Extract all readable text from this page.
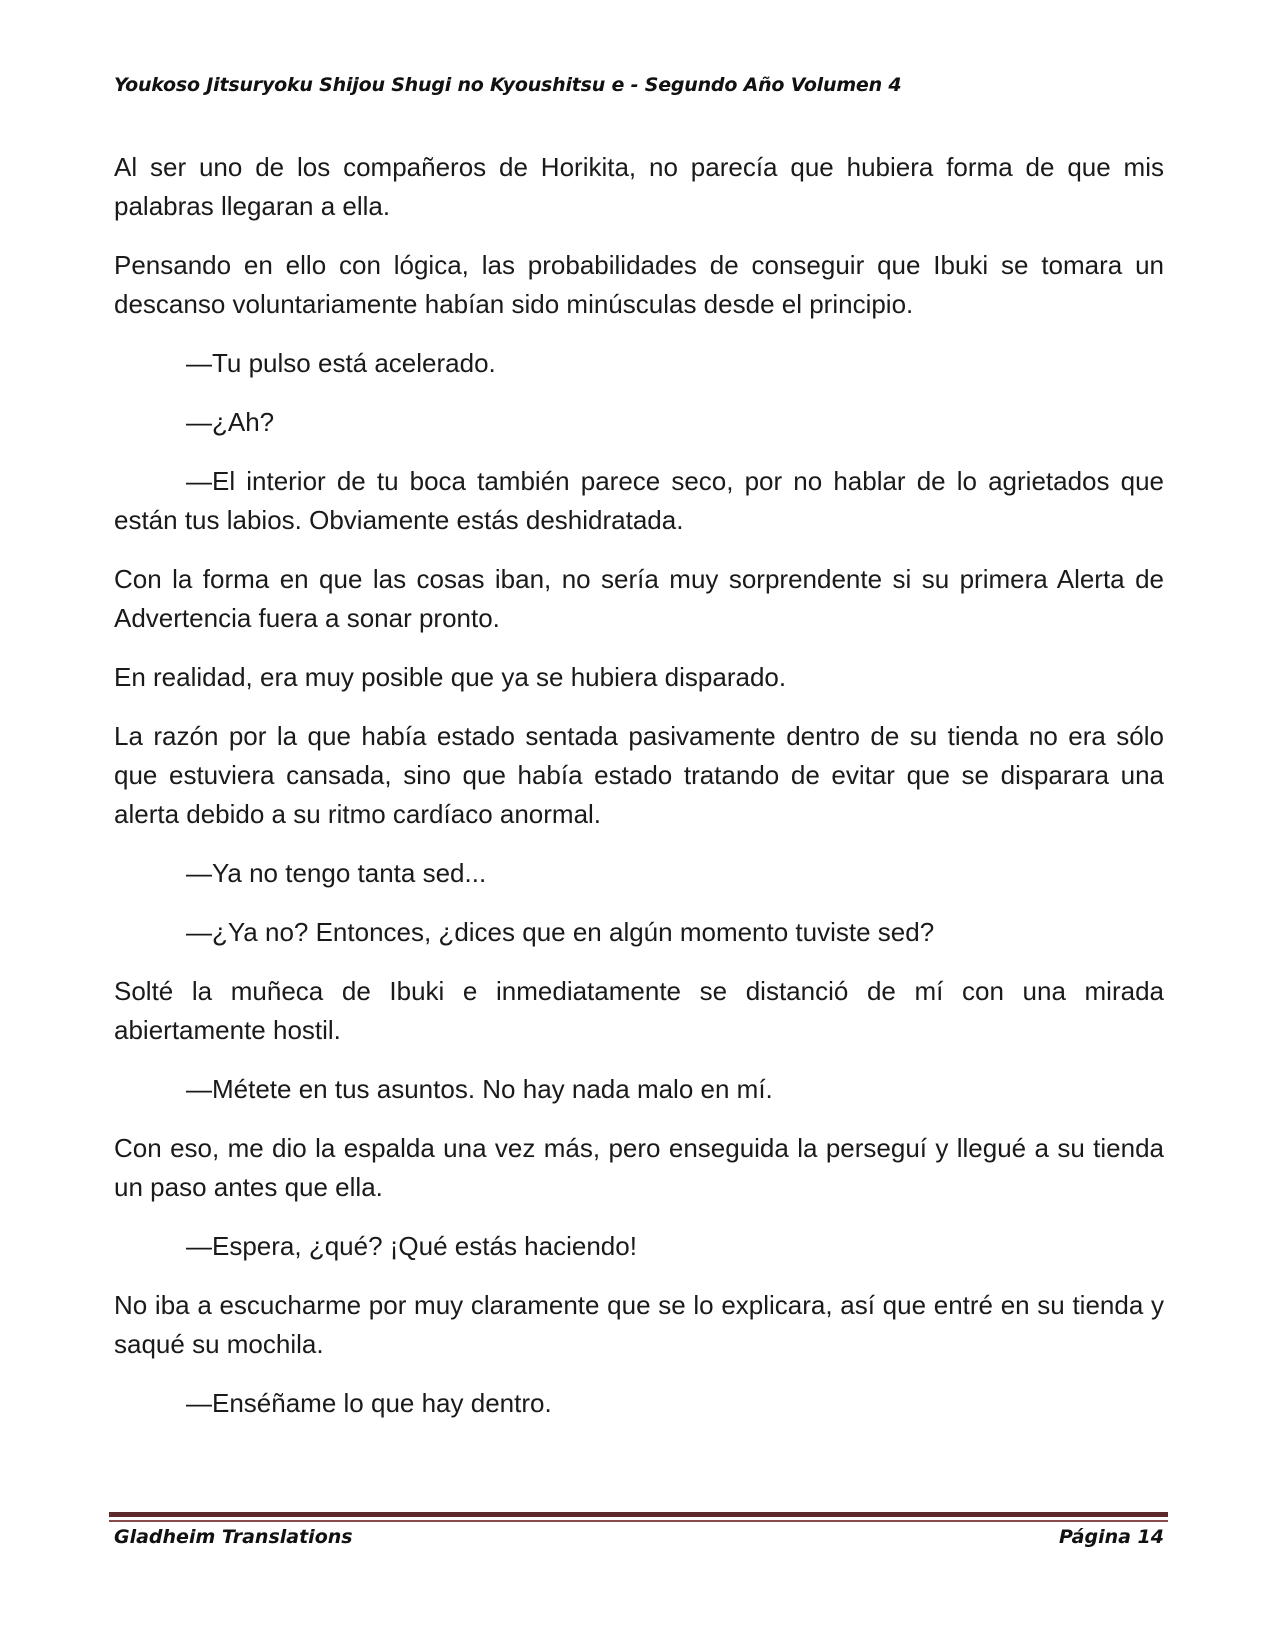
Youkoso Jitsuryoku Shijou Shugi no Kyoushitsu e - Segundo Año Volumen 4

Al ser uno de los compañeros de Horikita, no parecía que hubiera forma de que mis palabras llegaran a ella.

Pensando en ello con lógica, las probabilidades de conseguir que Ibuki se tomara un descanso voluntariamente habían sido minúsculas desde el principio.

—Tu pulso está acelerado.

—¿Ah?

—El interior de tu boca también parece seco, por no hablar de lo agrietados que están tus labios. Obviamente estás deshidratada.

Con la forma en que las cosas iban, no sería muy sorprendente si su primera Alerta de Advertencia fuera a sonar pronto.

En realidad, era muy posible que ya se hubiera disparado.

La razón por la que había estado sentada pasivamente dentro de su tienda no era sólo que estuviera cansada, sino que había estado tratando de evitar que se disparara una alerta debido a su ritmo cardíaco anormal.

—Ya no tengo tanta sed...

—¿Ya no? Entonces, ¿dices que en algún momento tuviste sed?

Solté la muñeca de Ibuki e inmediatamente se distanció de mí con una mirada abiertamente hostil.

—Métete en tus asuntos. No hay nada malo en mí.

Con eso, me dio la espalda una vez más, pero enseguida la perseguí y llegué a su tienda un paso antes que ella.

—Espera, ¿qué? ¡Qué estás haciendo!

No iba a escucharme por muy claramente que se lo explicara, así que entré en su tienda y saqué su mochila.

—Enséñame lo que hay dentro.

Gladheim Translations	Página 14
